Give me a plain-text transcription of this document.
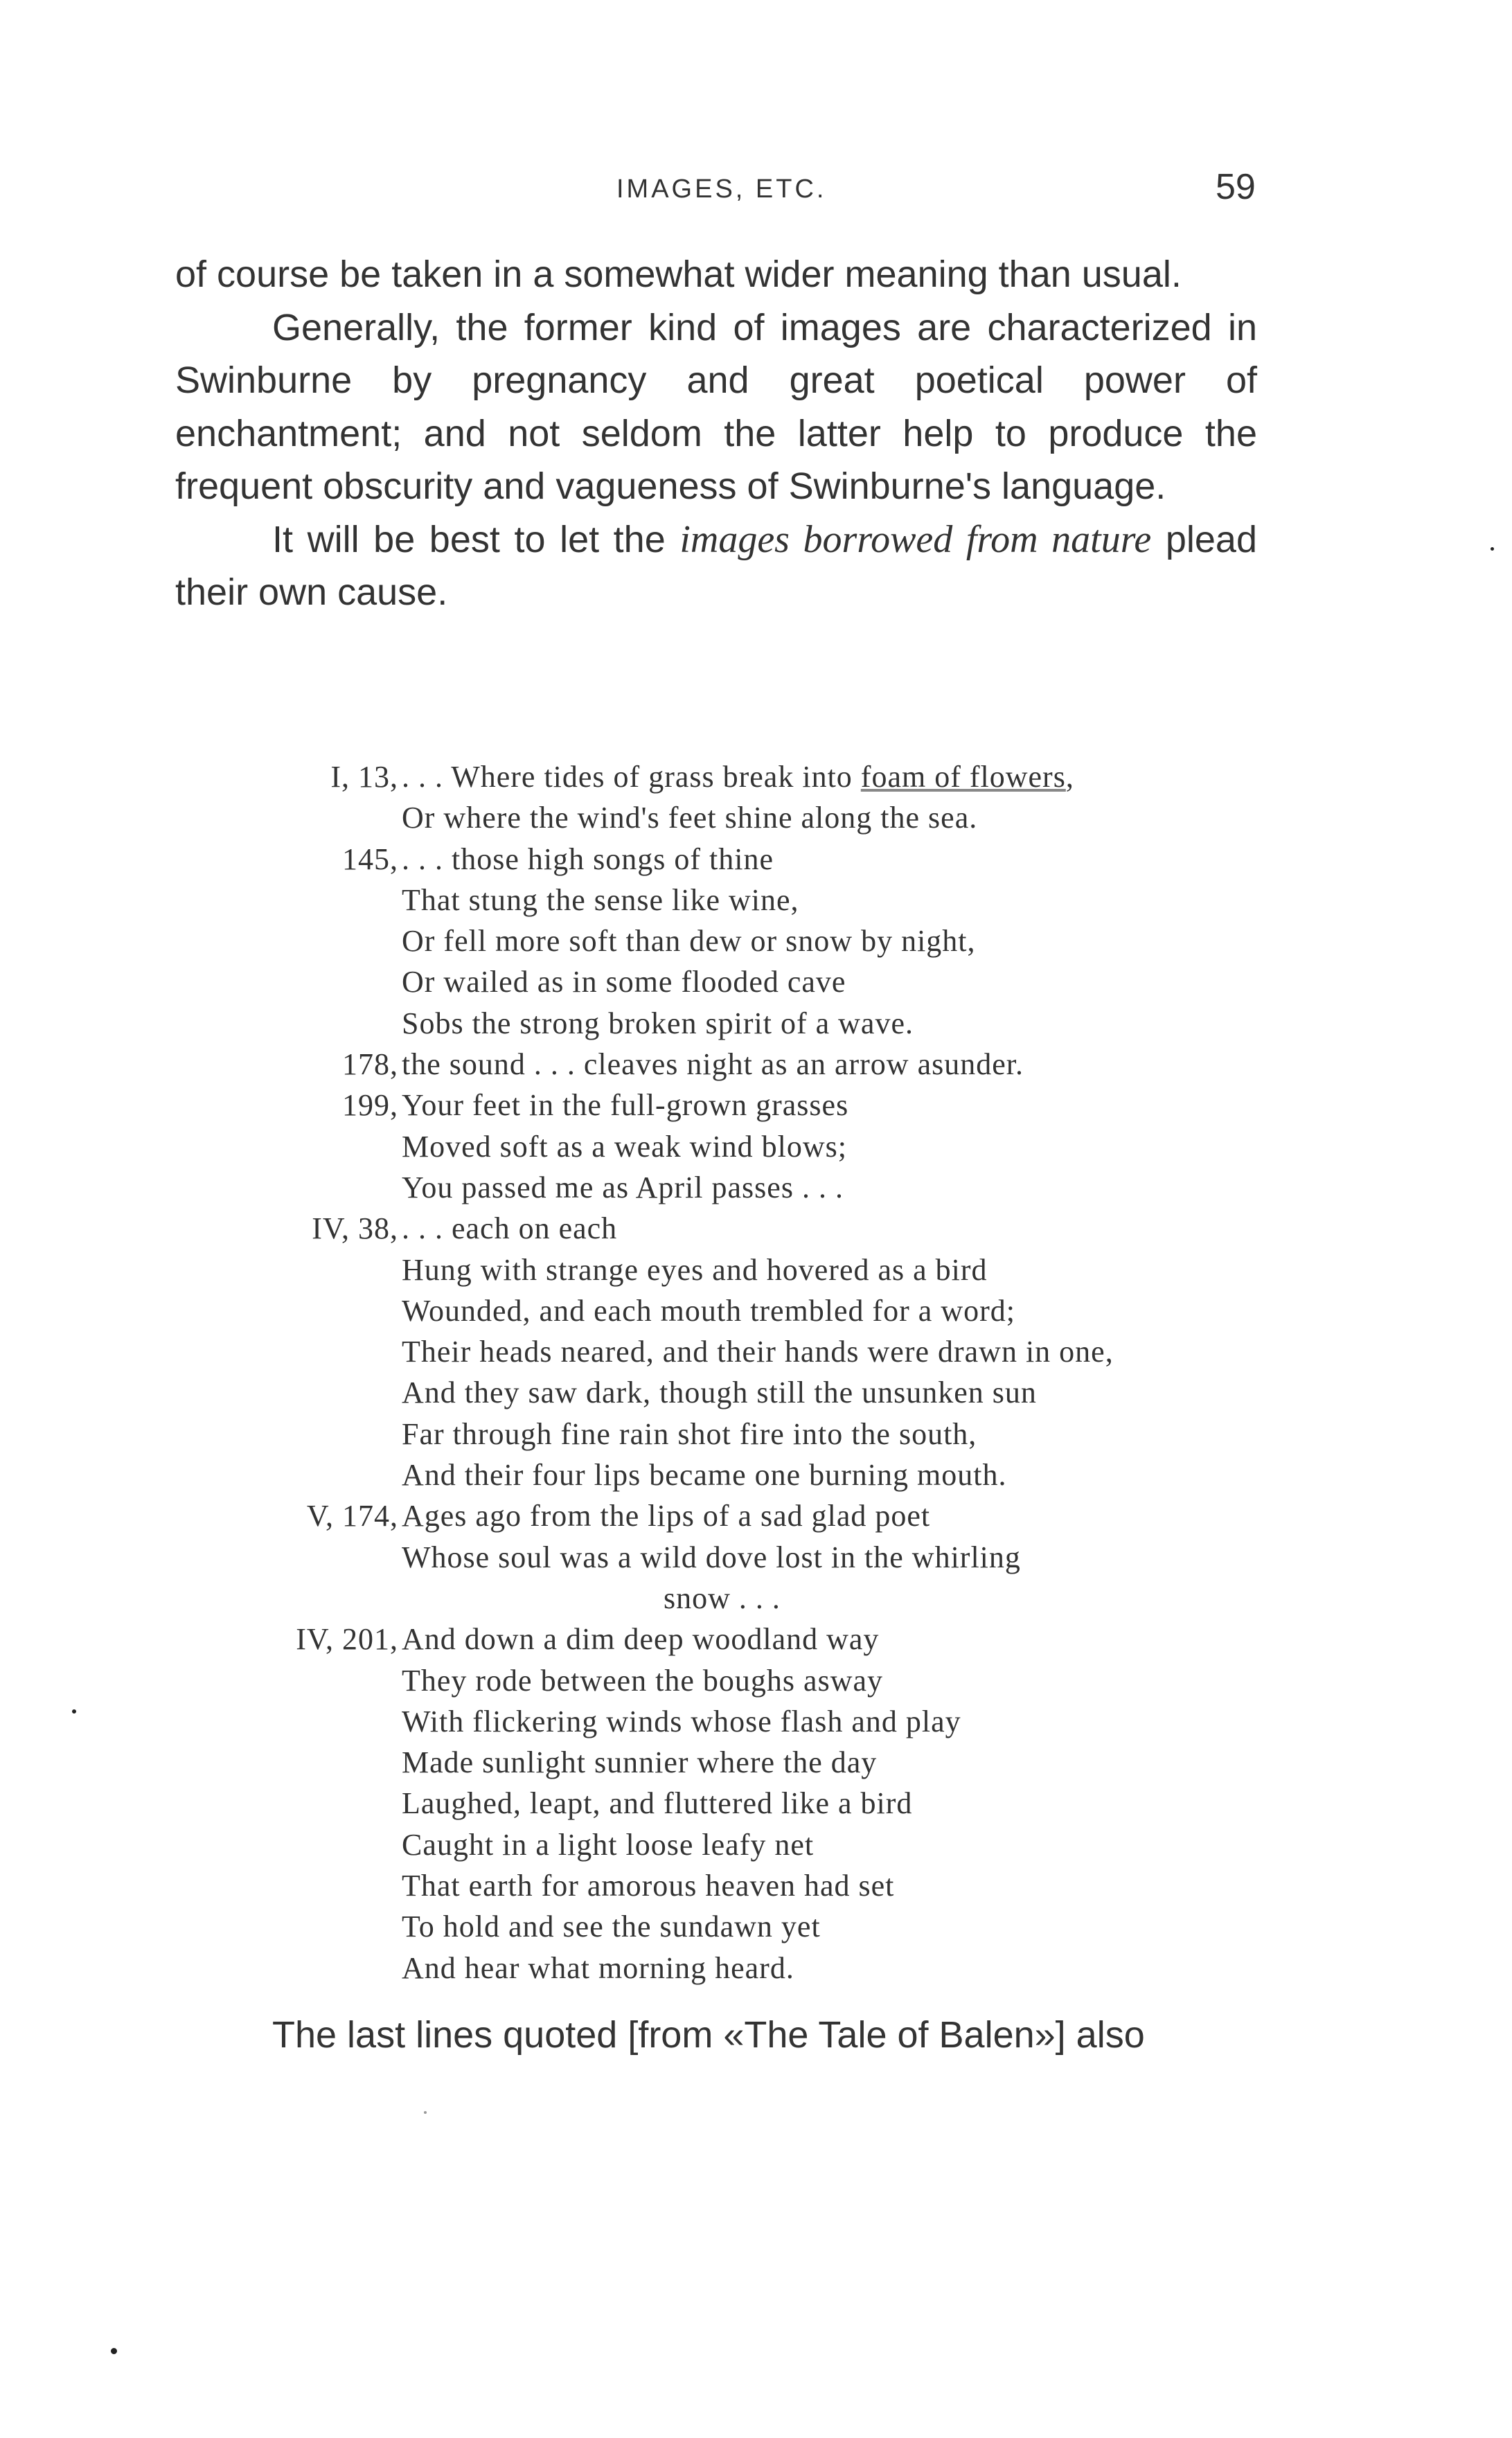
IMAGES, ETC.	59

of course be taken in a somewhat wider meaning than usual.

Generally, the former kind of images are characterized in Swinburne by pregnancy and great poetical power of enchantment; and not seldom the latter help to produce the frequent obscurity and vagueness of Swinburne's language.

It will be best to let the images borrowed from nature plead their own cause.

I, 13, . . . Where tides of grass break into foam of flowers,
Or where the wind's feet shine along the sea.
145, . . . those high songs of thine
That stung the sense like wine,
Or fell more soft than dew or snow by night,
Or wailed as in some flooded cave
Sobs the strong broken spirit of a wave.
178, the sound . . . cleaves night as an arrow asunder.
199, Your feet in the full-grown grasses
Moved soft as a weak wind blows;
You passed me as April passes . . .
IV, 38, . . . each on each
Hung with strange eyes and hovered as a bird
Wounded, and each mouth trembled for a word;
Their heads neared, and their hands were drawn in one,
And they saw dark, though still the unsunken sun
Far through fine rain shot fire into the south,
And their four lips became one burning mouth.
V, 174, Ages ago from the lips of a sad glad poet
Whose soul was a wild dove lost in the whirling
snow . . .
IV, 201, And down a dim deep woodland way
They rode between the boughs asway
With flickering winds whose flash and play
Made sunlight sunnier where the day
Laughed, leapt, and fluttered like a bird
Caught in a light loose leafy net
That earth for amorous heaven had set
To hold and see the sundawn yet
And hear what morning heard.

The last lines quoted [from «The Tale of Balen»] also
